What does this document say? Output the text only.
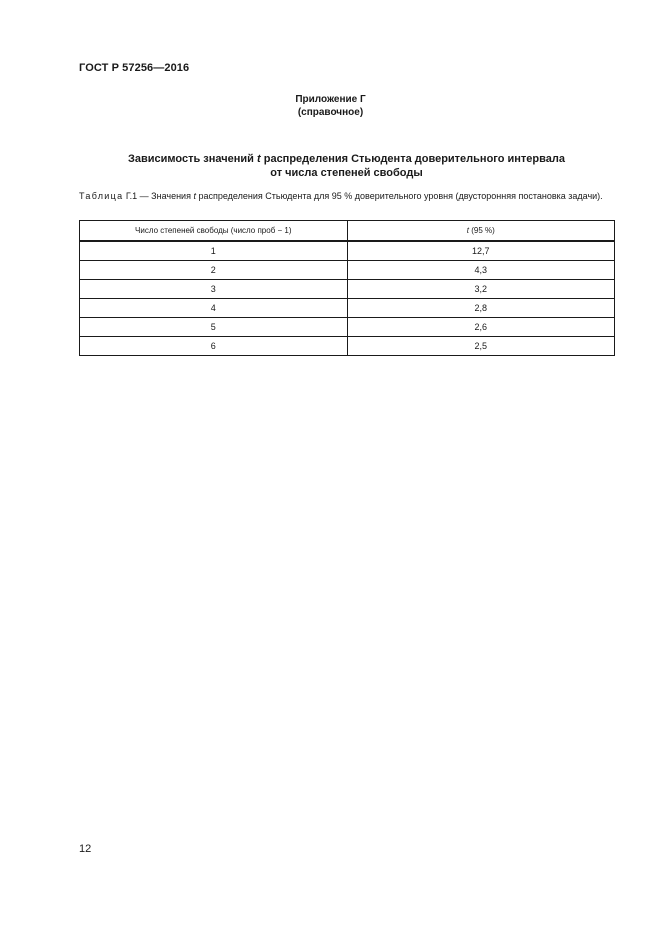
ГОСТ Р 57256—2016
Приложение Г
(справочное)
Зависимость значений t распределения Стьюдента доверительного интервала
от числа степеней свободы
Таблица Г.1 — Значения t распределения Стьюдента для 95 % доверительного уровня (двусторонняя постановка задачи).
Число степеней свободы (число проб − 1)	t (95 %)
1	12,7
2	4,3
3	3,2
4	2,8
5	2,6
6	2,5
12
